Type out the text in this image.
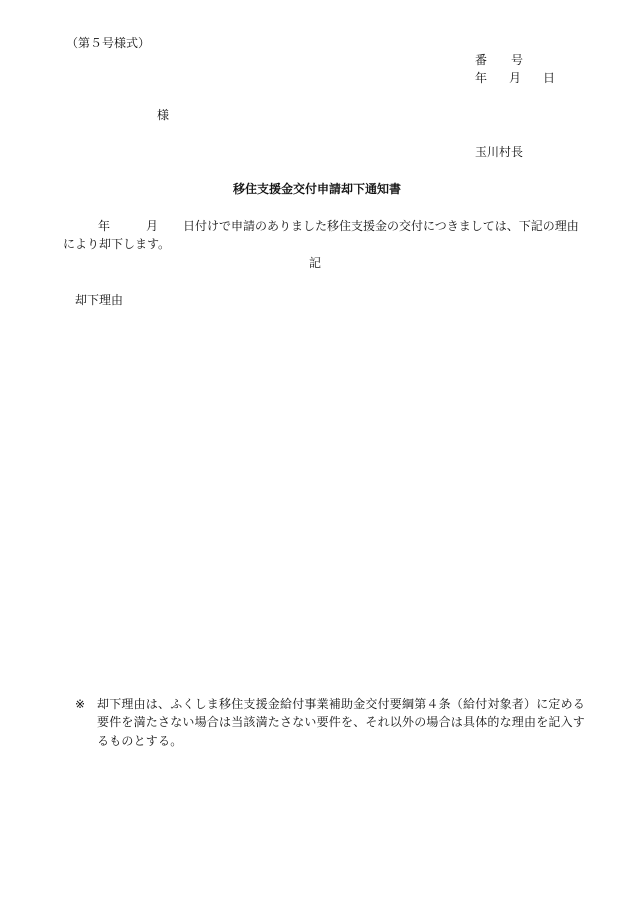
（第５号様式）
番 号
年 月 日
様
玉川村長
移住支援金交付申請却下通知書
年	月 日付けで申請のありました移住支援金の交付につきましては、下記の理由
により却下します。
記
却下理由
※ 却下理由は、ふくしま移住支援金給付事業補助金交付要綱第４条（給付対象者）に定める
要件を満たさない場合は当該満たさない要件を、それ以外の場合は具体的な理由を記入す
るものとする。
